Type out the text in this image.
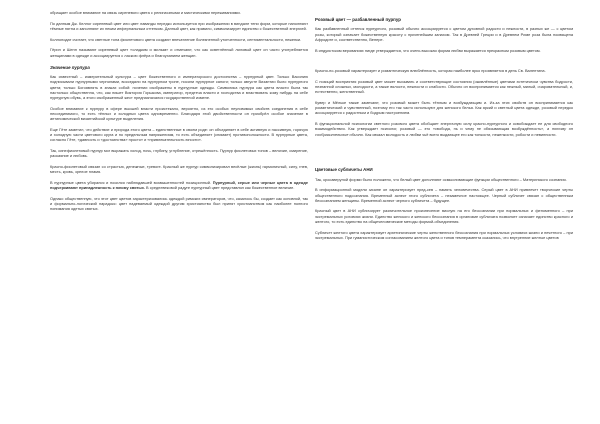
обращает особое внимание на связь сиреневого цвета с религиозными и мистическими переживаниями.

По данным Дж. Келлог сиреневый цвет или цвет лаванды нередко используется при изображении в виндале тени форм, которые наполняют тёмные пятна и заполняют их неким инфернальным оттенком. Данный цвет, как правило, символизирует единство с божественной энергией.

Коллоподат считает, что светлые тона фиолетового цвета создают впечатление болезненной утонченности, сентиментальности, неженки.

Гёрин и Шенн называют сиреневый цвет «сладким и милым» и отмечают, что как осветлённый лиловый цвет он часто употребляется женщинами в одежде и ассоциируется с ласкою флёра и благоуханием женщин.

Значение пурпура

Как известный – измерительный культура – цвет божественного и императорского достоинства – пурпурный цвет. Только Василию подписывали пурпурными чернилами, восседали на пурпурном троне, носили пурпурное сапоги; только августе Византии было пурпурного цвета; только Богоявлять в знаках собой: почении изображены в пурпурные одежды. Символика пурпура как цвета власти была так настолько общественна, что, как пишет Виктория Горшкова, император, предтеча власти и господства и властвовать кому нибудь на себе пурпурную обувь, а этого изображенный жест предназначался государственной измене.

Особое внимание к пурпуру в сфере высшей власти проистекало, вероятно, из его особых неуловимых свойств соединения в себе несоединимого, то есть тёплых и холодных цвета одновременно. Благодаря этой двойственности он приобрёл особое значение в антиномической византийской культуре выделения.

Еще Гёте заметил, что действие и природа этого цвета – единственные в своем роде: он объединяет в себе активную и пассивную, горячую и холодную части цветового круга и по предельным напряжениям, то есть объединяет (снимает) противоположности. В пурпурные цвета, согласно Гёте, «давность и «достоинства» просто» и «привлекательность юности».

Так, синефиолетовый пурпур мог выражать холод, ночь, глубину, углубление, отрешённость. Пурпур фиолетовых тонов – величие, смирение, раскаяние и любовь.

Красно-фиолетовый связан со страстью, денежные, тревоге. Красный же пурпур символизировал весёлые (жизнь) гармоничный, силу, гнев, месть, кровь, зрелое пламя.

В пурпурные цвета убирался и носился наблюдавшей возвышенностей позиционный. Пурпурный, серые или черные цвета в одежде подчеркивают принадлежность к юному святых. В средневековой радуге пурпурный цвет представлял как божественное величие.

Однако общественную, что этот цвет цветов характеризовались одеждой римских императоров, что, казалось бы, создает как основной, так и формально-логический парадокс: цвет надеваемый одеждой другим христианство был принят христианством как наиболее полного понимания одетых святых.

Розовый цвет — разбавленный пурпур

Как разбавленный оттенок пурпурного, розовый обычно ассоциируется с цветом духовной радости и нежности, в разных же — с цветом розы, который означает божественную красоту с приятнейшим запахом. Так в Древней Греции и в Древнем Риме роза была посвящена Афродите и, соответственно, Венере.

В индуистском верованиях нигде утверждается, что очень высокая форма любви выражается прекрасным розовым цветом.

Красно-по-розовый характеризует и романтическую влюблённость, которая наиболее ярко проявляется в день Св. Валентина.

С позиций восприятия розовый цвет может вызывать и соответствующие состояния (оживлённые) цветами эстетически чувства бодрости, незнанной сложных, молодости, а также вялости, нежности и слабости. Обычно он воспринимается как нежный, милый, очаровательный, и, естественно, женственный.

Кувер и Мёльке также замечают, что розовый может быть тёплым и возбуждающим и. Из-за этих свойств он воспринимается как романтический и чувственный, поэтому его так часто используют для женского белья. Как яркий и светлый цвета одежде, розовый нередко ассоциируется с радостным и бодрым настроением.

В функциональной психологии светлого розового цвета обобщает энергичную силу красно-пурпурного и освобождает ее для свободного взаимодействия. Как утверждает психолог, розовый — это «свобода, нь и чему не обязывающая возбуждённость», а потому он сообразительные обычно. Как связал молодость и любви чьё всего выдающее его как тонкости, неженкости, робости и невинности.

Цветовые субличеты АНИ

Так, кросаверуной форми было положено, что белый цвет дополняют осмысливающие функции общественного – Материнского сознания.

В информационной модели зачине он характеризует пред-сев – память человечества. Серый цвет в АНИ привлечет творческие черты общественного подсознания. Временный аспект этого субличета – незамечное настоящее. Черный субличет связан с общественным бессознанием женщины. Временной аспект черного субличета – будущее.

Красный цвет в АНИ субличирует различительное произнесение вислую на его бессознании при нормальных и феноменного – при экстремальных условиях жизни. Единство женского и женского бессознания в организме субличата позволяет означает единство красного и желтого, то есть единство на общечеловеческие методы формой-объединения.

Субличет желтого цвета характеризует архетипические черты женственного бессознания при нормальных условиях жизни и нечетного – при экстремальных. При гуманистическом согласованием желтого цвета и типов темперамента сказались, что внутренние желтые цветов
